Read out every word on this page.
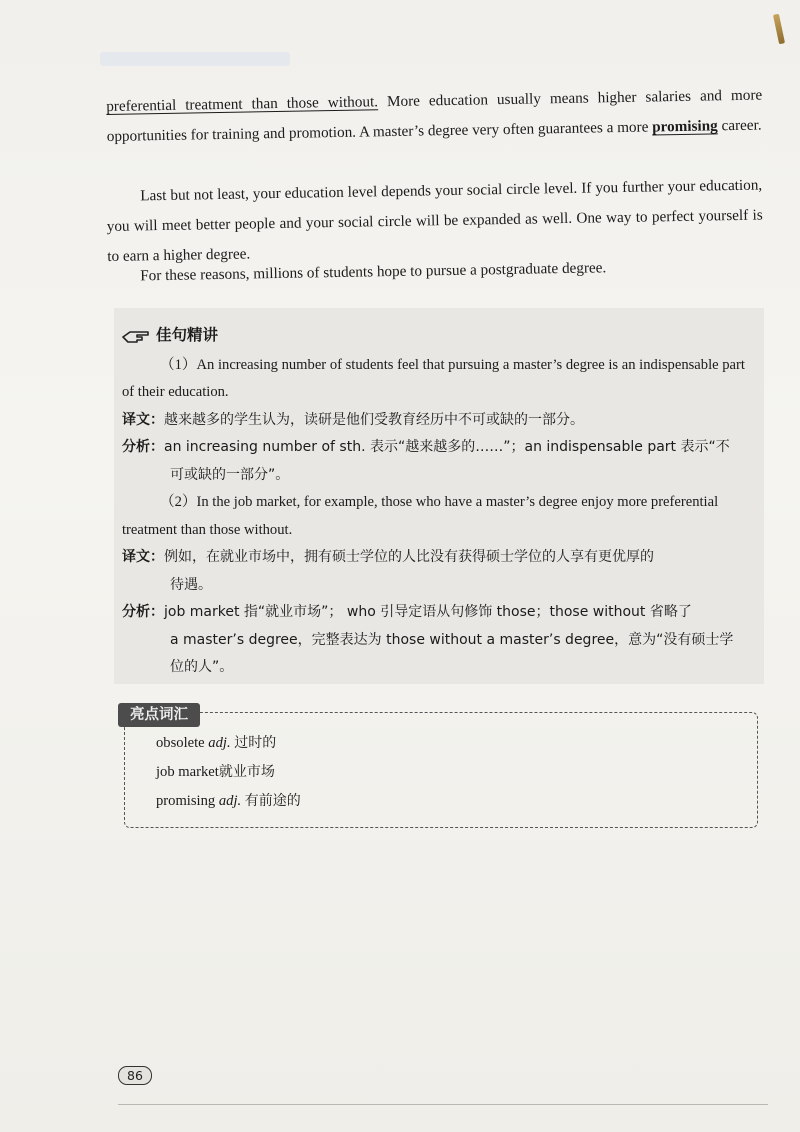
preferential treatment than those without. More education usually means higher salaries and more opportunities for training and promotion. A master’s degree very often guarantees a more promising career.

Last but not least, your education level depends your social circle level. If you further your education, you will meet better people and your social circle will be expanded as well. One way to perfect yourself is to earn a higher degree.

For these reasons, millions of students hope to pursue a postgraduate degree.

佳句精讲

（1）An increasing number of students feel that pursuing a master’s degree is an indispensable part of their education.

译文：越来越多的学生认为，读研是他们受教育经历中不可或缺的一部分。

分析：an increasing number of sth. 表示“越来越多的……”；an indispensable part 表示“不

可或缺的一部分”。

（2）In the job market, for example, those who have a master’s degree enjoy more preferential treatment than those without.

译文：例如，在就业市场中，拥有硕士学位的人比没有获得硕士学位的人享有更优厚的

待遇。

分析：job market 指“就业市场”； who 引导定语从句修饰 those；those without 省略了

a master’s degree，完整表达为 those without a master’s degree，意为“没有硕士学

位的人”。

亮点词汇
obsolete adj. 过时的
job market就业市场
promising adj. 有前途的
86
